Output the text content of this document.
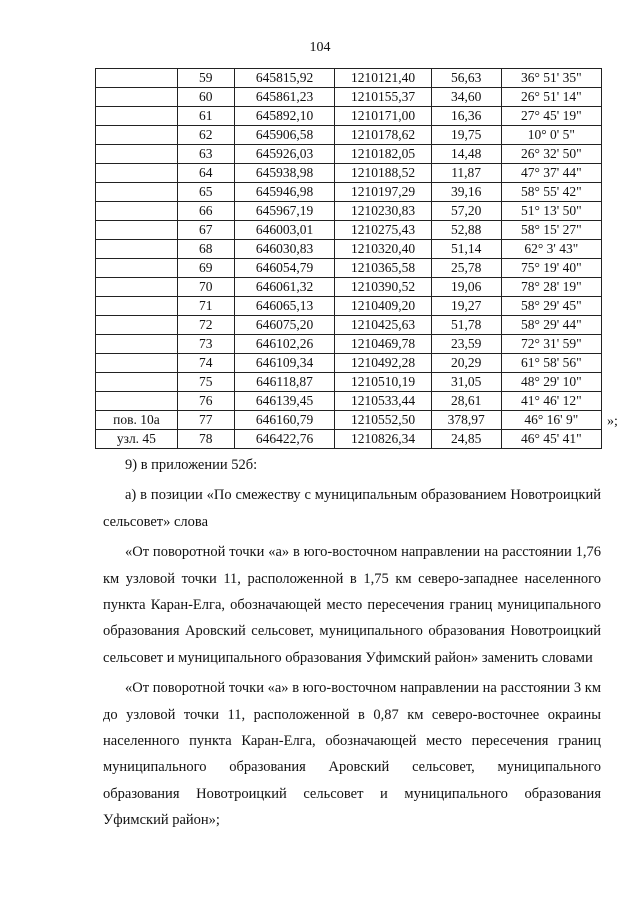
104
	59	645815,92	1210121,40	56,63	36° 51' 35"
	60	645861,23	1210155,37	34,60	26° 51' 14"
	61	645892,10	1210171,00	16,36	27° 45' 19"
	62	645906,58	1210178,62	19,75	10° 0' 5"
	63	645926,03	1210182,05	14,48	26° 32' 50"
	64	645938,98	1210188,52	11,87	47° 37' 44"
	65	645946,98	1210197,29	39,16	58° 55' 42"
	66	645967,19	1210230,83	57,20	51° 13' 50"
	67	646003,01	1210275,43	52,88	58° 15' 27"
	68	646030,83	1210320,40	51,14	62° 3' 43"
	69	646054,79	1210365,58	25,78	75° 19' 40"
	70	646061,32	1210390,52	19,06	78° 28' 19"
	71	646065,13	1210409,20	19,27	58° 29' 45"
	72	646075,20	1210425,63	51,78	58° 29' 44"
	73	646102,26	1210469,78	23,59	72° 31' 59"
	74	646109,34	1210492,28	20,29	61° 58' 56"
	75	646118,87	1210510,19	31,05	48° 29' 10"
	76	646139,45	1210533,44	28,61	41° 46' 12"
пов. 10а	77	646160,79	1210552,50	378,97	46° 16' 9"
узл. 45	78	646422,76	1210826,34	24,85	46° 45' 41"
»;

9) в приложении 52б:

а) в позиции «По смежеству с муниципальным образованием Новотроицкий сельсовет» слова

«От поворотной точки «а» в юго-восточном направлении на расстоянии 1,76 км узловой точки 11, расположенной в 1,75 км северо-западнее населенного пункта Каран-Елга, обозначающей место пересечения границ муниципального образования Аровский сельсовет, муниципального образования Новотроицкий сельсовет и муниципального образования Уфимский район» заменить словами

«От поворотной точки «а» в юго-восточном направлении на расстоянии 3 км до узловой точки 11, расположенной в 0,87 км северо-восточнее окраины населенного пункта Каран-Елга, обозначающей место пересечения границ муниципального образования Аровский сельсовет, муниципального образования Новотроицкий сельсовет и муниципального образования Уфимский район»;
